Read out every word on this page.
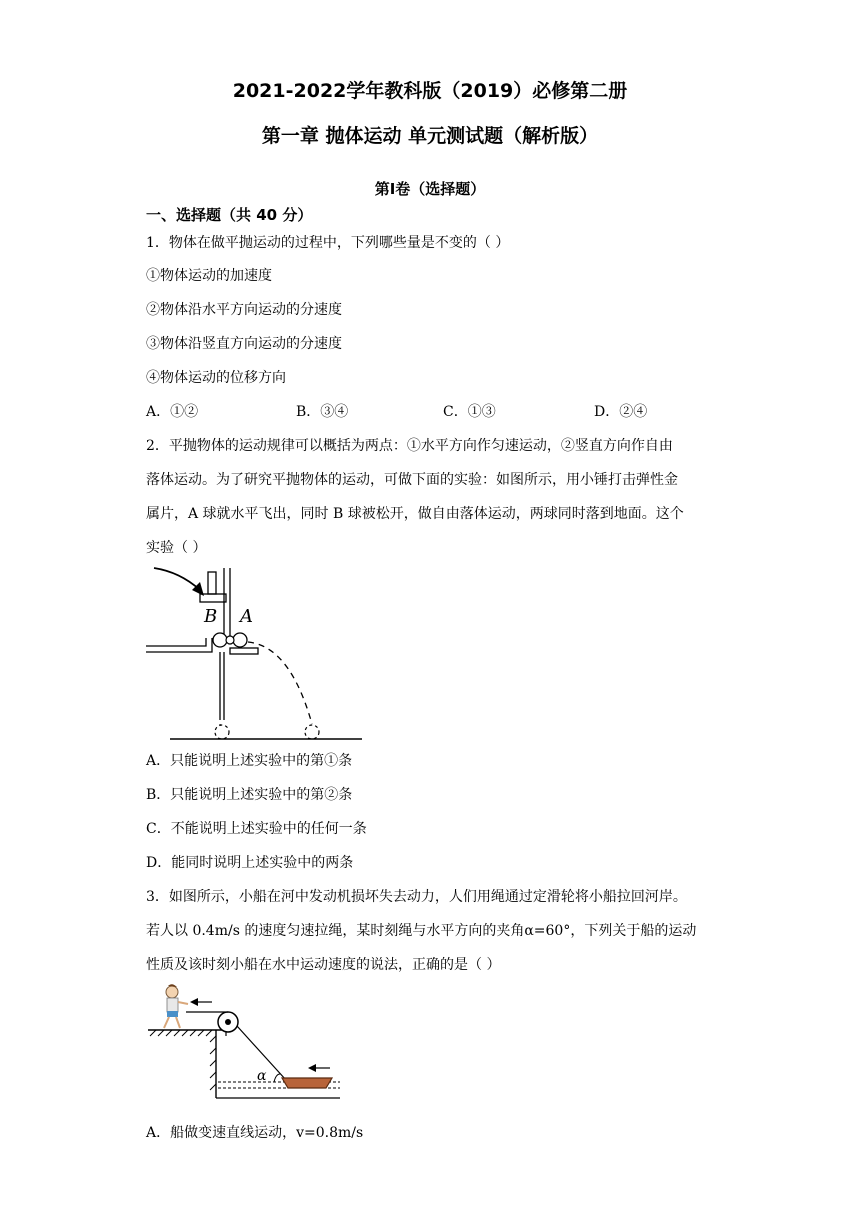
2021-2022学年教科版（2019）必修第二册
第一章 抛体运动 单元测试题（解析版）
第Ⅰ卷（选择题）
一、选择题（共 40 分）
1．物体在做平抛运动的过程中，下列哪些量是不变的（ ）
①物体运动的加速度
②物体沿水平方向运动的分速度
③物体沿竖直方向运动的分速度
④物体运动的位移方向
A．①②	B．③④	C．①③	D．②④
2．平抛物体的运动规律可以概括为两点：①水平方向作匀速运动，②竖直方向作自由
落体运动。为了研究平抛物体的运动，可做下面的实验：如图所示，用小锤打击弹性金
属片，A 球就水平飞出，同时 B 球被松开，做自由落体运动，两球同时落到地面。这个
实验（ ）
B A
A．只能说明上述实验中的第①条
B．只能说明上述实验中的第②条
C．不能说明上述实验中的任何一条
D．能同时说明上述实验中的两条
3．如图所示，小船在河中发动机损坏失去动力，人们用绳通过定滑轮将小船拉回河岸。
若人以 0.4m/s 的速度匀速拉绳，某时刻绳与水平方向的夹角α=60°，下列关于船的运动
性质及该时刻小船在水中运动速度的说法，正确的是（ ）
α
A．船做变速直线运动，v=0.8m/s
